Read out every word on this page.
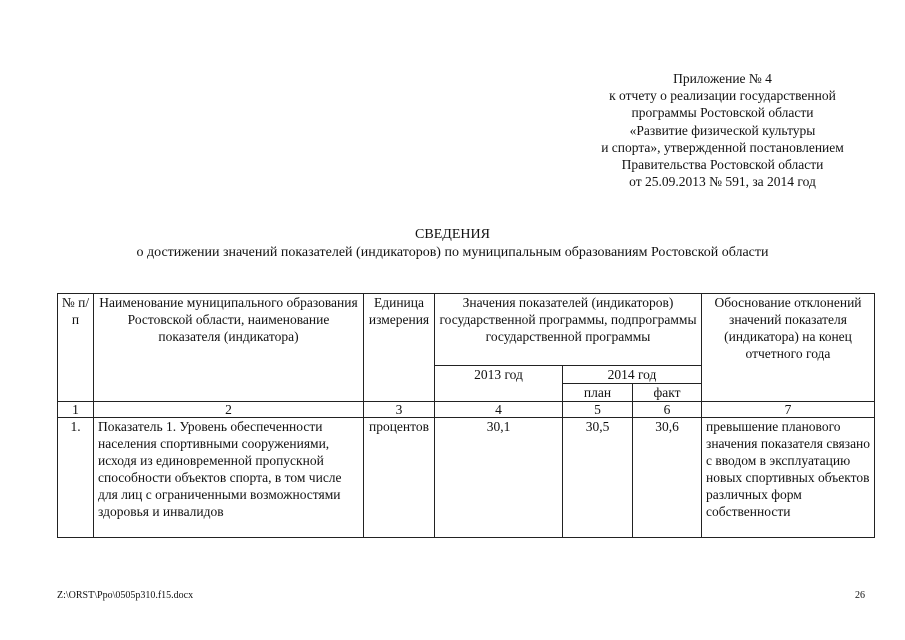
Приложение № 4
к отчету о реализации государственной
программы Ростовской области
«Развитие физической культуры
и спорта», утвержденной постановлением
Правительства Ростовской области
от 25.09.2013 № 591, за 2014 год
СВЕДЕНИЯ
о достижении значений показателей (индикаторов) по муниципальным образованиям Ростовской области
№ п/п	Наименование муниципального образования Ростовской области, наименование показателя (индикатора)	Единица измерения	Значения показателей (индикаторов) государственной программы, подпрограммы государственной программы			Обоснование отклонений значений показателя (индикатора) на конец отчетного года
			2013 год	2014 год		
				план	факт	
1	2	3	4	5	6	7
1.	Показатель 1. Уровень обеспеченности населения спортивными сооружениями, исходя из единовременной пропускной способности объектов спорта, в том числе для лиц с ограниченными возможностями здоровья и инвалидов	процентов	30,1	30,5	30,6	превышение планового значения показателя связано с вводом в эксплуатацию новых спортивных объектов различных форм собственности
Z:\ORST\Ppo\0505p310.f15.docx	26
